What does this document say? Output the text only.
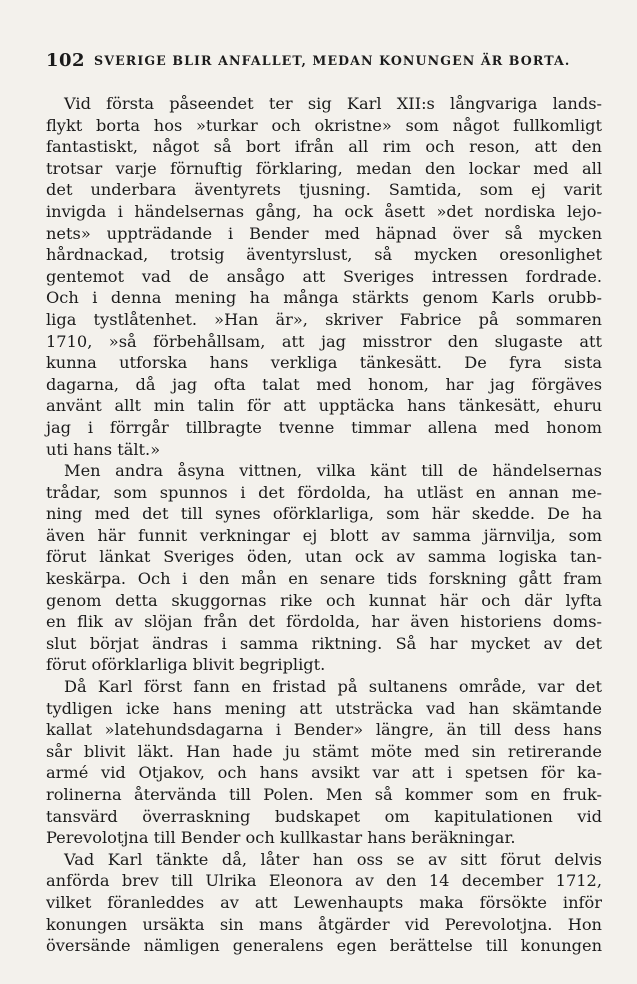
102 SVERIGE BLIR ANFALLET, MEDAN KONUNGEN ÄR BORTA.
Vid första påseendet ter sig Karl XII:s långvariga lands-
flykt borta hos »turkar och okristne» som något fullkomligt
fantastiskt, något så bort ifrån all rim och reson, att den
trotsar varje förnuftig förklaring, medan den lockar med all
det underbara äventyrets tjusning. Samtida, som ej varit
invigda i händelsernas gång, ha ock åsett »det nordiska lejo-
nets» uppträdande i Bender med häpnad över så mycken
hårdnackad, trotsig äventyrslust, så mycken oresonlighet
gentemot vad de ansågo att Sveriges intressen fordrade.
Och i denna mening ha många stärkts genom Karls orubb-
liga tystlåtenhet. »Han är», skriver Fabrice på sommaren
1710, »så förbehållsam, att jag misstror den slugaste att
kunna utforska hans verkliga tänkesätt. De fyra sista
dagarna, då jag ofta talat med honom, har jag förgäves
använt allt min talin för att upptäcka hans tänkesätt, ehuru
jag i förrgår tillbragte tvenne timmar allena med honom
uti hans tält.»
Men andra åsyna vittnen, vilka känt till de händelsernas
trådar, som spunnos i det fördolda, ha utläst en annan me-
ning med det till synes oförklarliga, som här skedde. De ha
även här funnit verkningar ej blott av samma järnvilja, som
förut länkat Sveriges öden, utan ock av samma logiska tan-
keskärpa. Och i den mån en senare tids forskning gått fram
genom detta skuggornas rike och kunnat här och där lyfta
en flik av slöjan från det fördolda, har även historiens doms-
slut börjat ändras i samma riktning. Så har mycket av det
förut oförklarliga blivit begripligt.
Då Karl först fann en fristad på sultanens område, var det
tydligen icke hans mening att utsträcka vad han skämtande
kallat »latehundsdagarna i Bender» längre, än till dess hans
sår blivit läkt. Han hade ju stämt möte med sin retirerande
armé vid Otjakov, och hans avsikt var att i spetsen för ka-
rolinerna återvända till Polen. Men så kommer som en fruk-
tansvärd överraskning budskapet om kapitulationen vid
Perevolotjna till Bender och kullkastar hans beräkningar.
Vad Karl tänkte då, låter han oss se av sitt förut delvis
anförda brev till Ulrika Eleonora av den 14 december 1712,
vilket föranleddes av att Lewenhaupts maka försökte inför
konungen ursäkta sin mans åtgärder vid Perevolotjna. Hon
översände nämligen generalens egen berättelse till konungen
